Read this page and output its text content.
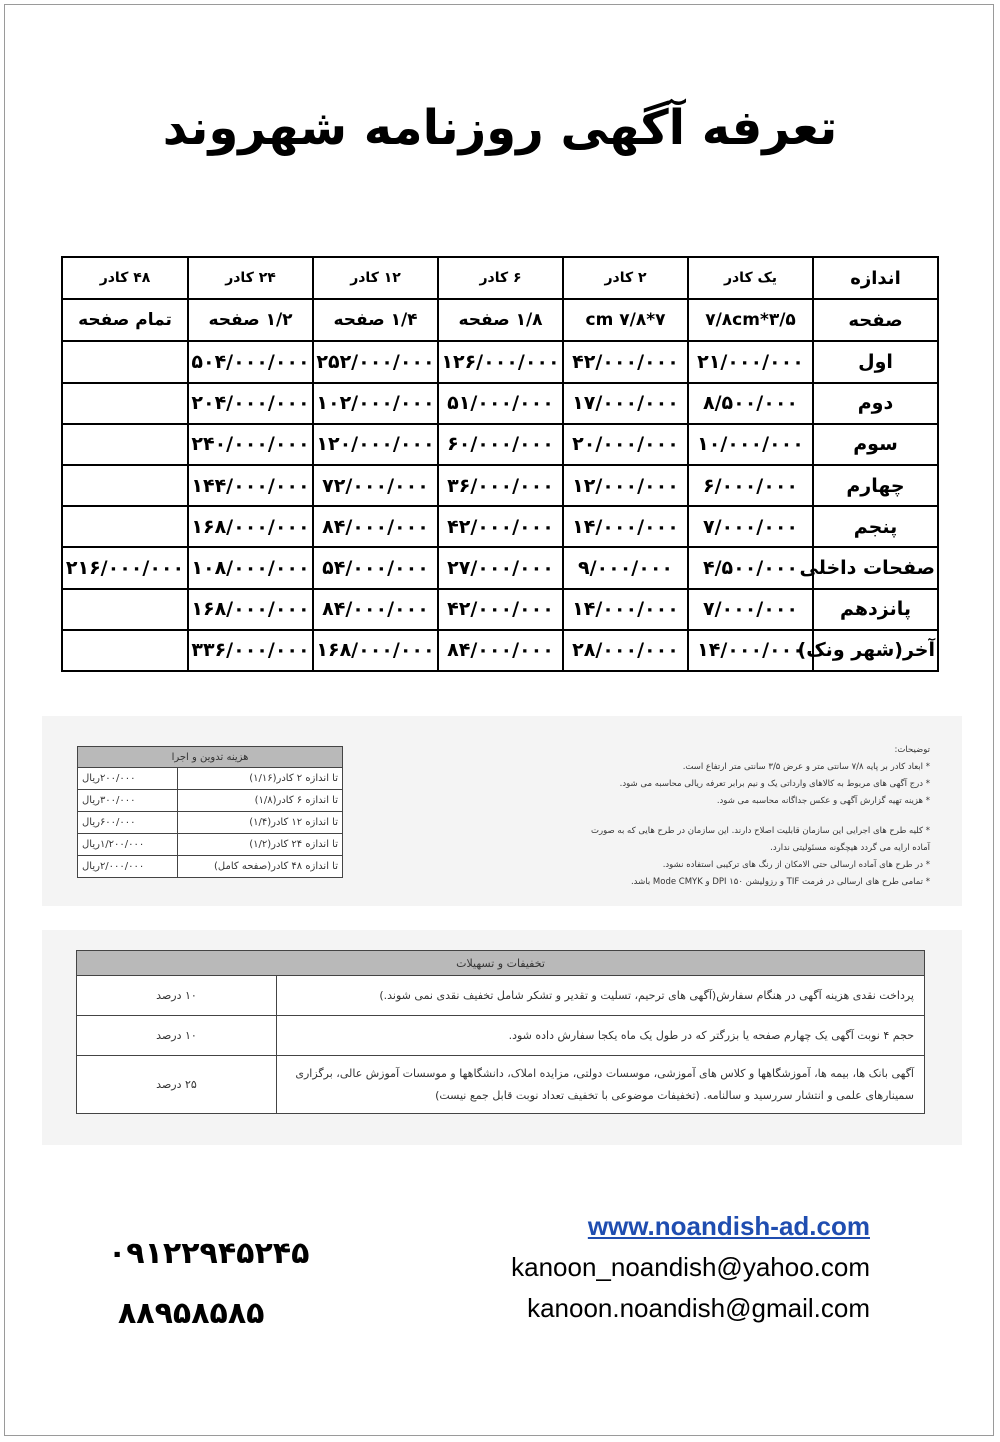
تعرفه آگهی روزنامه شهروند
اندازه	یک کادر	۲ کادر	۶ کادر	۱۲ کادر	۲۴ کادر	۴۸ کادر
صفحه	۳/۵*۷/۸cm	۷*۷/۸ cm	۱/۸ صفحه	۱/۴ صفحه	۱/۲ صفحه	تمام صفحه
اول	۲۱/۰۰۰/۰۰۰	۴۲/۰۰۰/۰۰۰	۱۲۶/۰۰۰/۰۰۰	۲۵۲/۰۰۰/۰۰۰	۵۰۴/۰۰۰/۰۰۰	
دوم	۸/۵۰۰/۰۰۰	۱۷/۰۰۰/۰۰۰	۵۱/۰۰۰/۰۰۰	۱۰۲/۰۰۰/۰۰۰	۲۰۴/۰۰۰/۰۰۰	
سوم	۱۰/۰۰۰/۰۰۰	۲۰/۰۰۰/۰۰۰	۶۰/۰۰۰/۰۰۰	۱۲۰/۰۰۰/۰۰۰	۲۴۰/۰۰۰/۰۰۰	
چهارم	۶/۰۰۰/۰۰۰	۱۲/۰۰۰/۰۰۰	۳۶/۰۰۰/۰۰۰	۷۲/۰۰۰/۰۰۰	۱۴۴/۰۰۰/۰۰۰	
پنجم	۷/۰۰۰/۰۰۰	۱۴/۰۰۰/۰۰۰	۴۲/۰۰۰/۰۰۰	۸۴/۰۰۰/۰۰۰	۱۶۸/۰۰۰/۰۰۰	
صفحات داخلی	۴/۵۰۰/۰۰۰	۹/۰۰۰/۰۰۰	۲۷/۰۰۰/۰۰۰	۵۴/۰۰۰/۰۰۰	۱۰۸/۰۰۰/۰۰۰	۲۱۶/۰۰۰/۰۰۰
پانزدهم	۷/۰۰۰/۰۰۰	۱۴/۰۰۰/۰۰۰	۴۲/۰۰۰/۰۰۰	۸۴/۰۰۰/۰۰۰	۱۶۸/۰۰۰/۰۰۰	
آخر(شهر ونک)	۱۴/۰۰۰/۰۰۰	۲۸/۰۰۰/۰۰۰	۸۴/۰۰۰/۰۰۰	۱۶۸/۰۰۰/۰۰۰	۳۳۶/۰۰۰/۰۰۰	
هزینه تدوین و اجرا	
تا اندازه ۲ کادر(۱/۱۶)	۲۰۰/۰۰۰ریال
تا اندازه ۶ کادر(۱/۸)	۳۰۰/۰۰۰ریال
تا اندازه ۱۲ کادر(۱/۴)	۶۰۰/۰۰۰ریال
تا اندازه ۲۴ کادر(۱/۲)	۱/۲۰۰/۰۰۰ریال
تا اندازه ۴۸ کادر(صفحه کامل)	۲/۰۰۰/۰۰۰ریال
توضیحات:
* ابعاد کادر بر پایه ۷/۸ سانتی متر و عرض ۳/۵ سانتی متر ارتفاع است.
* درج آگهی های مربوط به کالاهای وارداتی یک و نیم برابر تعرفه ریالی محاسبه می شود.
* هزینه تهیه گزارش آگهی و عکس جداگانه محاسبه می شود.
* کلیه طرح های اجرایی این سازمان قابلیت اصلاح دارند. این سازمان در طرح هایی که به صورت آماده ارایه می گردد هیچگونه مسئولیتی ندارد.
* در طرح های آماده ارسالی حتی الامکان از رنگ های ترکیبی استفاده نشود.
* تمامی طرح های ارسالی در فرمت TIF و رزولیشن ۱۵۰ DPI و Mode CMYK باشد.
تخفیفات و تسهیلات	
پرداخت نقدی هزینه آگهی در هنگام سفارش(آگهی های ترحیم، تسلیت و تقدیر و تشکر شامل تخفیف نقدی نمی شوند.)	۱۰ درصد
حجم ۴ نوبت آگهی یک چهارم صفحه یا بزرگتر که در طول یک ماه یکجا سفارش داده شود.	۱۰ درصد
آگهی بانک ها، بیمه ها، آموزشگاهها و کلاس های آموزشی، موسسات دولتی، مزایده املاک، دانشگاهها و موسسات آموزش عالی، برگزاری سمینارهای علمی و انتشار سررسید و سالنامه. (تخفیفات موضوعی با تخفیف تعداد نوبت قابل جمع نیست)	۲۵ درصد
www.noandish-ad.com
kanoon_noandish@yahoo.com
kanoon.noandish@gmail.com
۰۹۱۲۲۹۴۵۲۴۵
۸۸۹۵۸۵۸۵
